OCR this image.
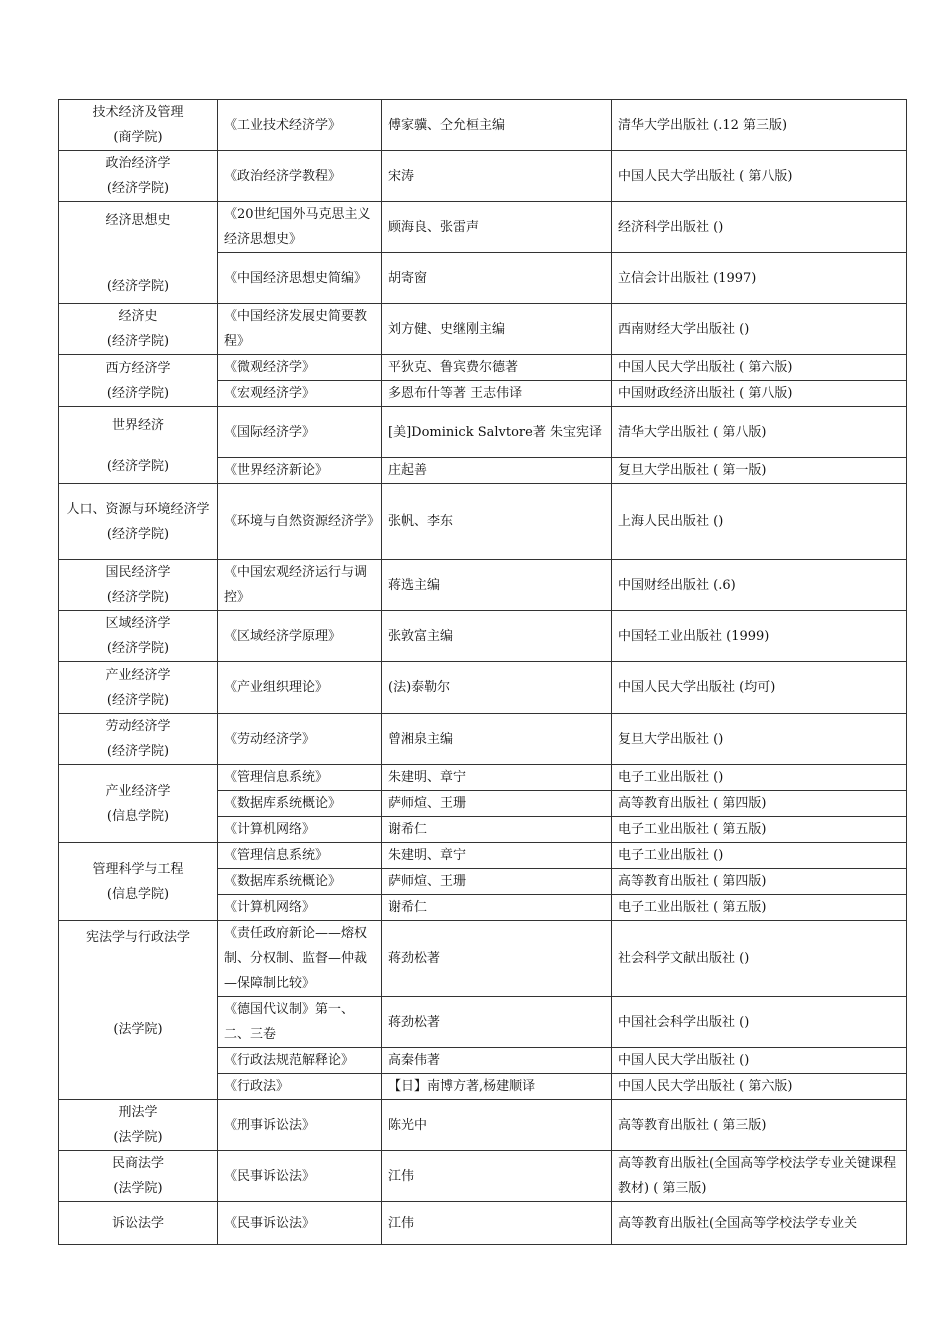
技术经济及管理
(商学院)	《工业技术经济学》	傅家骥、仝允桓主编	清华大学出版社 (.12 第三版)

政治经济学
(经济学院)	《政治经济学教程》	宋涛	中国人民大学出版社 ( 第八版)

经济思想史
(经济学院)	《20世纪国外马克思主义经济思想史》	顾海良、张雷声	经济科学出版社 ()
	《中国经济思想史简编》	胡寄窗	立信会计出版社 (1997)

经济史
(经济学院)	《中国经济发展史简要教程》	刘方健、史继刚主编	西南财经大学出版社 ()

西方经济学
(经济学院)	《微观经济学》	平狄克、鲁宾费尔德著	中国人民大学出版社 ( 第六版)
	《宏观经济学》	多恩布什等著 王志伟译	中国财政经济出版社 ( 第八版)

世界经济
(经济学院)	《国际经济学》	[美]Dominick Salvtore著 朱宝宪译	清华大学出版社 ( 第八版)
	《世界经济新论》	庄起善	复旦大学出版社 ( 第一版)

人口、资源与环境经济学
(经济学院)	《环境与自然资源经济学》	张帆、李东	上海人民出版社 ()

国民经济学
(经济学院)	《中国宏观经济运行与调控》	蒋选主编	中国财经出版社 (.6)

区域经济学
(经济学院)	《区域经济学原理》	张敦富主编	中国轻工业出版社 (1999)

产业经济学
(经济学院)	《产业组织理论》	(法)泰勒尔	中国人民大学出版社 (均可)

劳动经济学
(经济学院)	《劳动经济学》	曾湘泉主编	复旦大学出版社 ()

产业经济学
(信息学院)	《管理信息系统》	朱建明、章宁	电子工业出版社 ()
	《数据库系统概论》	萨师煊、王珊	高等教育出版社 ( 第四版)
	《计算机网络》	谢希仁	电子工业出版社 ( 第五版)

管理科学与工程
(信息学院)	《管理信息系统》	朱建明、章宁	电子工业出版社 ()
	《数据库系统概论》	萨师煊、王珊	高等教育出版社 ( 第四版)
	《计算机网络》	谢希仁	电子工业出版社 ( 第五版)

宪法学与行政法学
(法学院)	《责任政府新论——熔权制、分权制、监督—仲裁—保障制比较》	蒋劲松著	社会科学文献出版社 ()
	《德国代议制》第一、二、三卷	蒋劲松著	中国社会科学出版社 ()
	《行政法规范解释论》	高秦伟著	中国人民大学出版社 ()
	《行政法》	【日】南博方著,杨建顺译	中国人民大学出版社 ( 第六版)

刑法学
(法学院)	《刑事诉讼法》	陈光中	高等教育出版社 ( 第三版)

民商法学
(法学院)	《民事诉讼法》	江伟	高等教育出版社(全国高等学校法学专业关键课程教材) ( 第三版)

诉讼法学	《民事诉讼法》	江伟	高等教育出版社(全国高等学校法学专业关
